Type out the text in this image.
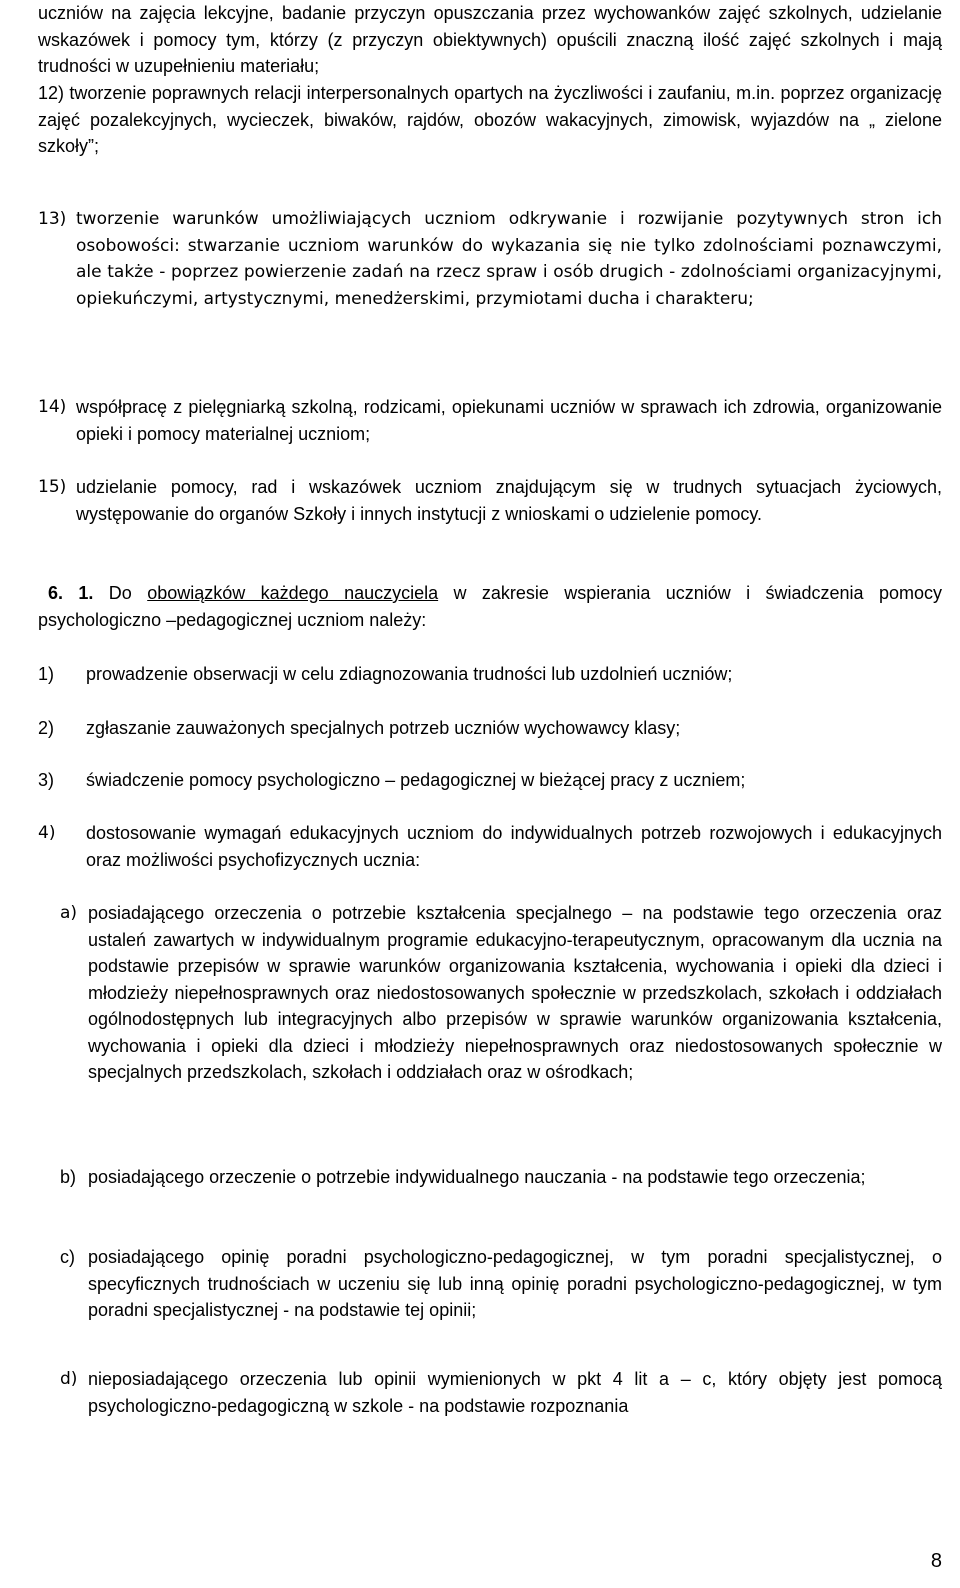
uczniów na zajęcia lekcyjne, badanie przyczyn opuszczania przez wychowanków zajęć szkolnych, udzielanie wskazówek i pomocy tym, którzy (z przyczyn obiektywnych) opuścili znaczną ilość zajęć szkolnych i mają trudności w uzupełnieniu materiału;

12) tworzenie poprawnych relacji interpersonalnych opartych na życzliwości i zaufaniu, m.in. poprzez organizację zajęć pozalekcyjnych, wycieczek, biwaków, rajdów, obozów wakacyjnych, zimowisk, wyjazdów na „ zielone szkoły”;

13) tworzenie warunków umożliwiających uczniom odkrywanie i rozwijanie pozytywnych stron ich osobowości: stwarzanie uczniom warunków do wykazania się nie tylko zdolnościami poznawczymi, ale także - poprzez powierzenie zadań na rzecz spraw i osób drugich - zdolnościami organizacyjnymi, opiekuńczymi, artystycznymi, menedżerskimi, przymiotami ducha i charakteru;
14) współpracę z pielęgniarką szkolną, rodzicami, opiekunami uczniów w sprawach ich zdrowia, organizowanie opieki i pomocy materialnej uczniom;
15) udzielanie pomocy, rad i wskazówek uczniom znajdującym się w trudnych sytuacjach życiowych, występowanie do organów Szkoły i innych instytucji z wnioskami o udzielenie pomocy.

6. 1. Do obowiązków każdego nauczyciela w zakresie wspierania uczniów i świadczenia pomocy psychologiczno –pedagogicznej uczniom należy:

1) prowadzenie obserwacji w celu zdiagnozowania trudności lub uzdolnień uczniów;
2) zgłaszanie zauważonych specjalnych potrzeb uczniów wychowawcy klasy;
3) świadczenie pomocy psychologiczno – pedagogicznej w bieżącej pracy z uczniem;
4) dostosowanie wymagań edukacyjnych uczniom do indywidualnych potrzeb rozwojowych i edukacyjnych oraz możliwości psychofizycznych ucznia:
a) posiadającego orzeczenia o potrzebie kształcenia specjalnego – na podstawie tego orzeczenia oraz ustaleń zawartych w indywidualnym programie edukacyjno-terapeutycznym, opracowanym dla ucznia na podstawie przepisów w sprawie warunków organizowania kształcenia, wychowania i opieki dla dzieci i młodzieży niepełnosprawnych oraz niedostosowanych społecznie w przedszkolach, szkołach i oddziałach ogólnodostępnych lub integracyjnych albo przepisów w sprawie warunków organizowania kształcenia, wychowania i opieki dla dzieci i młodzieży niepełnosprawnych oraz niedostosowanych społecznie w specjalnych przedszkolach, szkołach i oddziałach oraz w ośrodkach;
b) posiadającego orzeczenie o potrzebie indywidualnego nauczania - na podstawie tego orzeczenia;
c) posiadającego opinię poradni psychologiczno-pedagogicznej, w tym poradni specjalistycznej, o specyficznych trudnościach w uczeniu się lub inną opinię poradni psychologiczno-pedagogicznej, w tym poradni specjalistycznej - na podstawie tej opinii;
d) nieposiadającego orzeczenia lub opinii wymienionych w pkt 4 lit a – c, który objęty jest pomocą psychologiczno-pedagogiczną w szkole - na podstawie rozpoznania
8
